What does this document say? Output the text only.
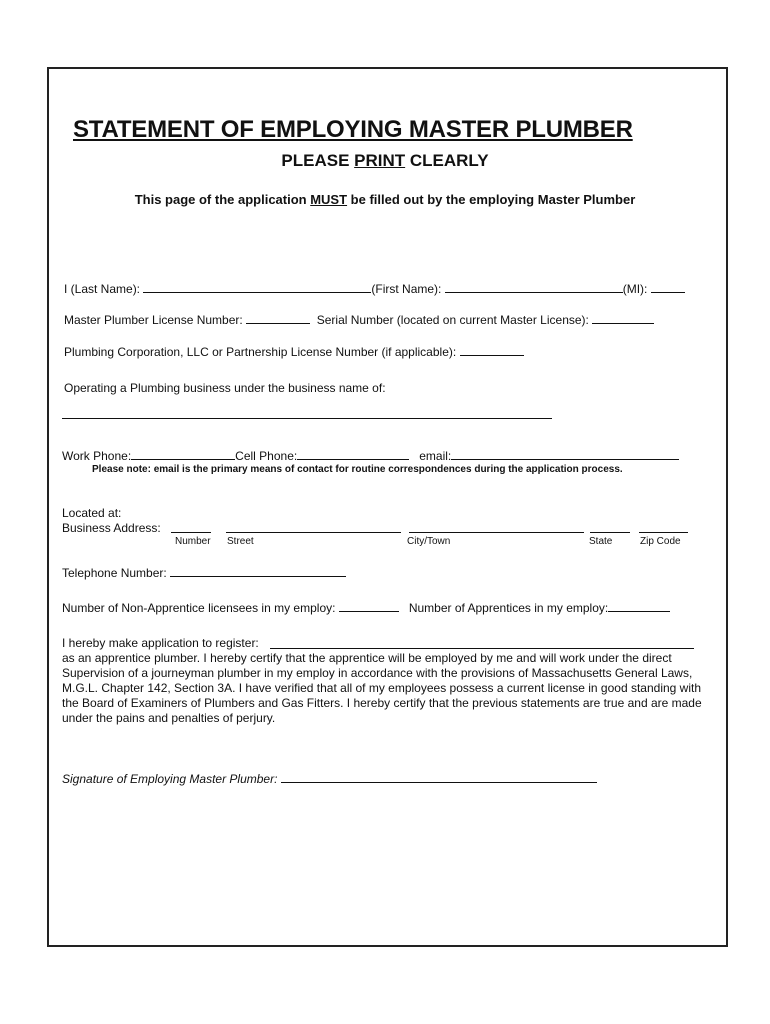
STATEMENT OF EMPLOYING MASTER PLUMBER
PLEASE PRINT CLEARLY
This page of the application MUST be filled out by the employing Master Plumber
I (Last Name):	(First Name):	(MI):
Master Plumber License Number:	Serial Number (located on current Master License):
Plumbing Corporation, LLC or Partnership License Number (if applicable):
Operating a Plumbing business under the business name of:
Work Phone:	Cell Phone:	email:
Please note: email is the primary means of contact for routine correspondences during the application process.
Located at:
Business Address:
Number Street	City/Town	State	Zip Code
Telephone Number:
Number of Non-Apprentice licensees in my employ:	Number of Apprentices in my employ:
I hereby make application to register:
as an apprentice plumber. I hereby certify that the apprentice will be employed by me and will work under the direct Supervision of a journeyman plumber in my employ in accordance with the provisions of Massachusetts General Laws, M.G.L. Chapter 142, Section 3A. I have verified that all of my employees possess a current license in good standing with the Board of Examiners of Plumbers and Gas Fitters. I hereby certify that the previous statements are true and are made under the pains and penalties of perjury.
Signature of Employing Master Plumber:
